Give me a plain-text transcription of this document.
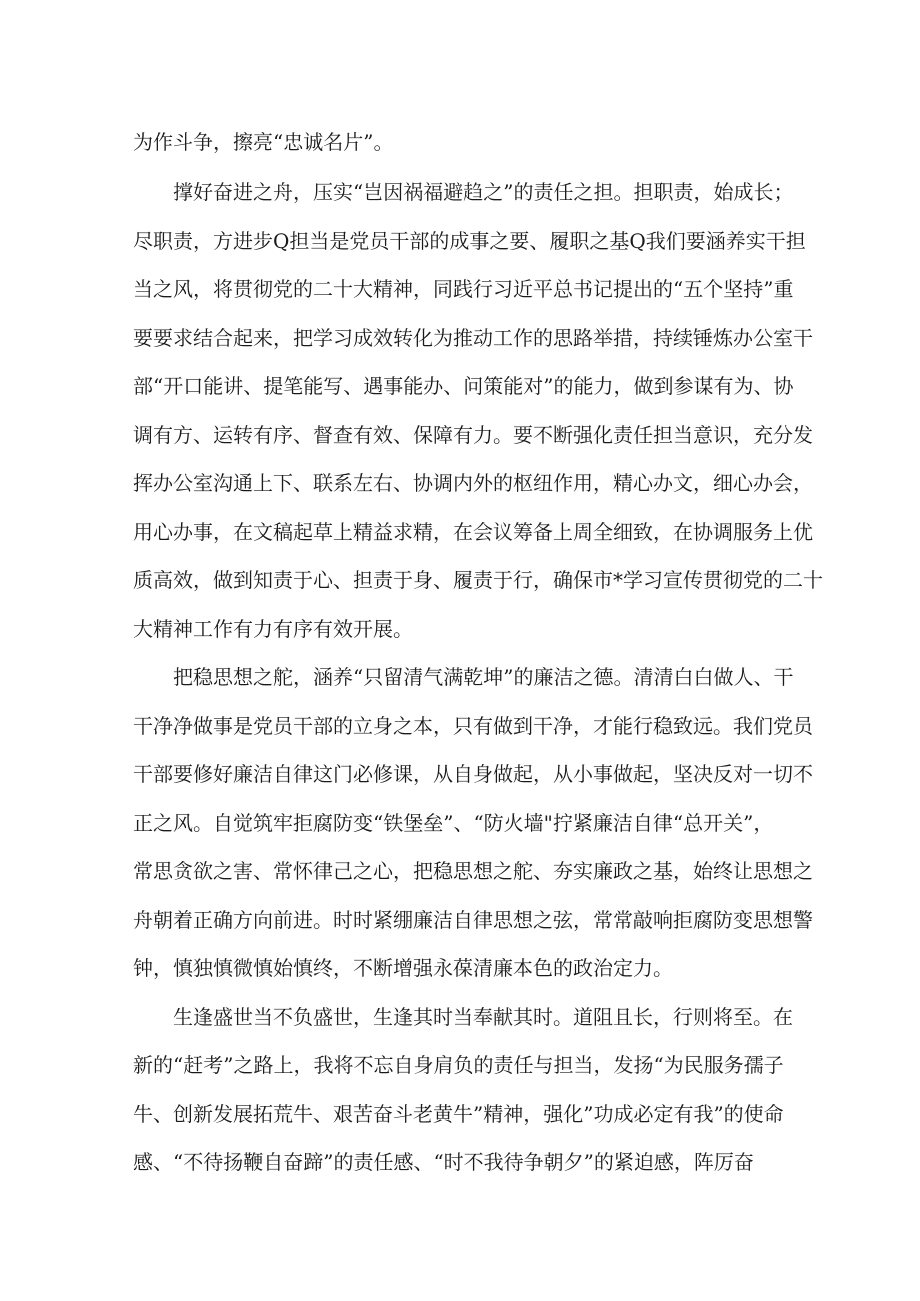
为作斗争，擦亮“忠诚名片”。
撑好奋进之舟，压实“岂因祸福避趋之”的责任之担。担职责，始成长；
尽职责，方进步Q担当是党员干部的成事之要、履职之基Q我们要涵养实干担
当之风，将贯彻党的二十大精神，同践行习近平总书记提出的“五个坚持”重
要要求结合起来，把学习成效转化为推动工作的思路举措，持续锤炼办公室干
部“开口能讲、提笔能写、遇事能办、问策能对”的能力，做到参谋有为、协
调有方、运转有序、督查有效、保障有力。要不断强化责任担当意识，充分发
挥办公室沟通上下、联系左右、协调内外的枢纽作用，精心办文，细心办会，
用心办事，在文稿起草上精益求精，在会议筹备上周全细致，在协调服务上优
质高效，做到知责于心、担责于身、履责于行，确保市*学习宣传贯彻党的二十
大精神工作有力有序有效开展。
把稳思想之舵，涵养“只留清气满乾坤”的廉洁之德。清清白白做人、干
干净净做事是党员干部的立身之本，只有做到干净，才能行稳致远。我们党员
干部要修好廉洁自律这门必修课，从自身做起，从小事做起，坚决反对一切不
正之风。自觉筑牢拒腐防变“铁堡垒”、“防火墙"拧紧廉洁自律“总开关”，
常思贪欲之害、常怀律己之心，把稳思想之舵、夯实廉政之基，始终让思想之
舟朝着正确方向前进。时时紧绷廉洁自律思想之弦，常常敲响拒腐防变思想警
钟，慎独慎微慎始慎终，不断增强永葆清廉本色的政治定力。
生逢盛世当不负盛世，生逢其时当奉献其时。道阻且长，行则将至。在
新的“赶考”之路上，我将不忘自身肩负的责任与担当，发扬“为民服务孺子
牛、创新发展拓荒牛、艰苦奋斗老黄牛”精神，强化”功成必定有我”的使命
感、“不待扬鞭自奋蹄”的责任感、“时不我待争朝夕”的紧迫感，阵厉奋
